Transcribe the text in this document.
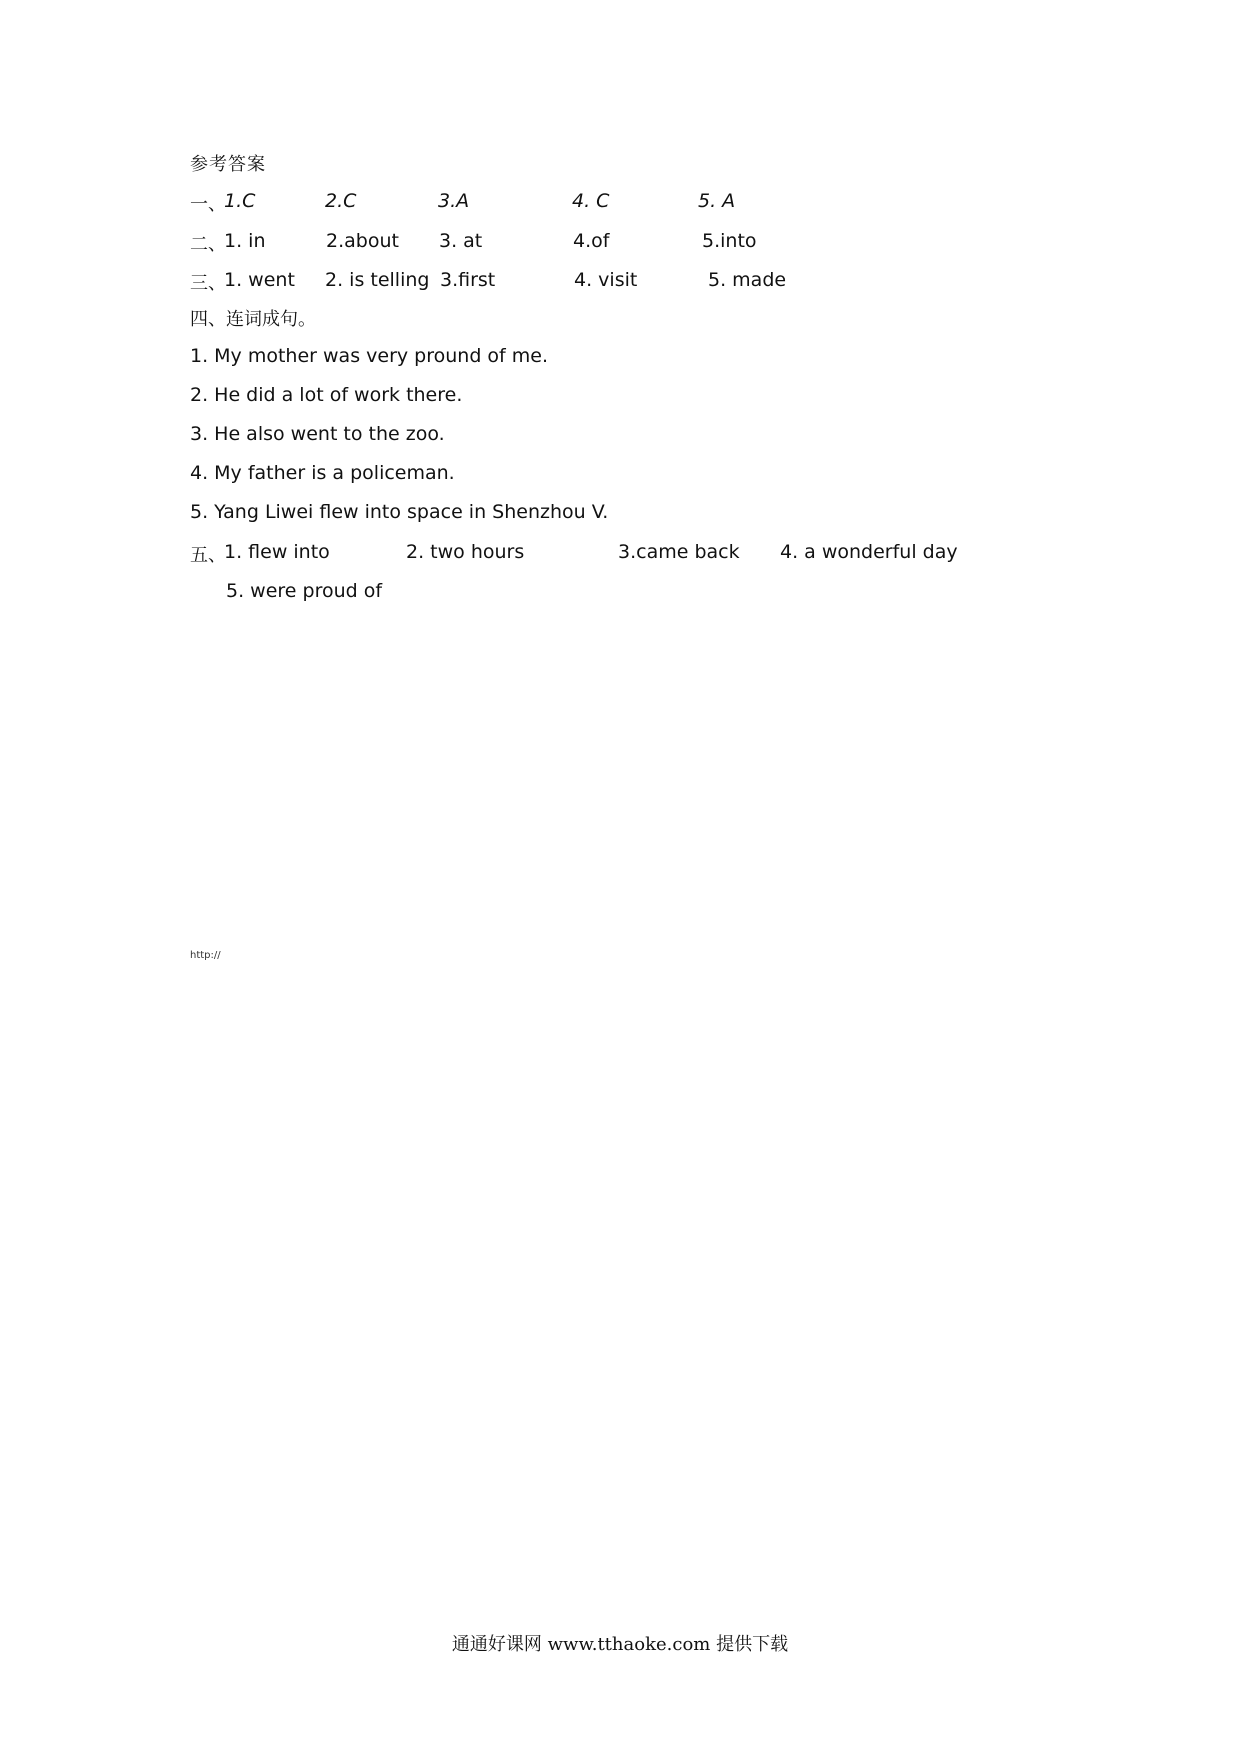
参考答案
一、
1.C	2.C	3.A	4. C	5. A
二、
1. in	2.about 3. at	4.of	5.into
三、
1. went 2. is telling 3.first	4. visit	5. made
四、连词成句。
1. My mother was very pround of me.
2. He did a lot of work there.
3. He also went to the zoo.
4. My father is a policeman.
5. Yang Liwei flew into space in Shenzhou V.
五、
1. flew into	2. two hours	3.came back 4. a wonderful day
5. were proud of
http://
通通好课网 www.tthaoke.com 提供下载
